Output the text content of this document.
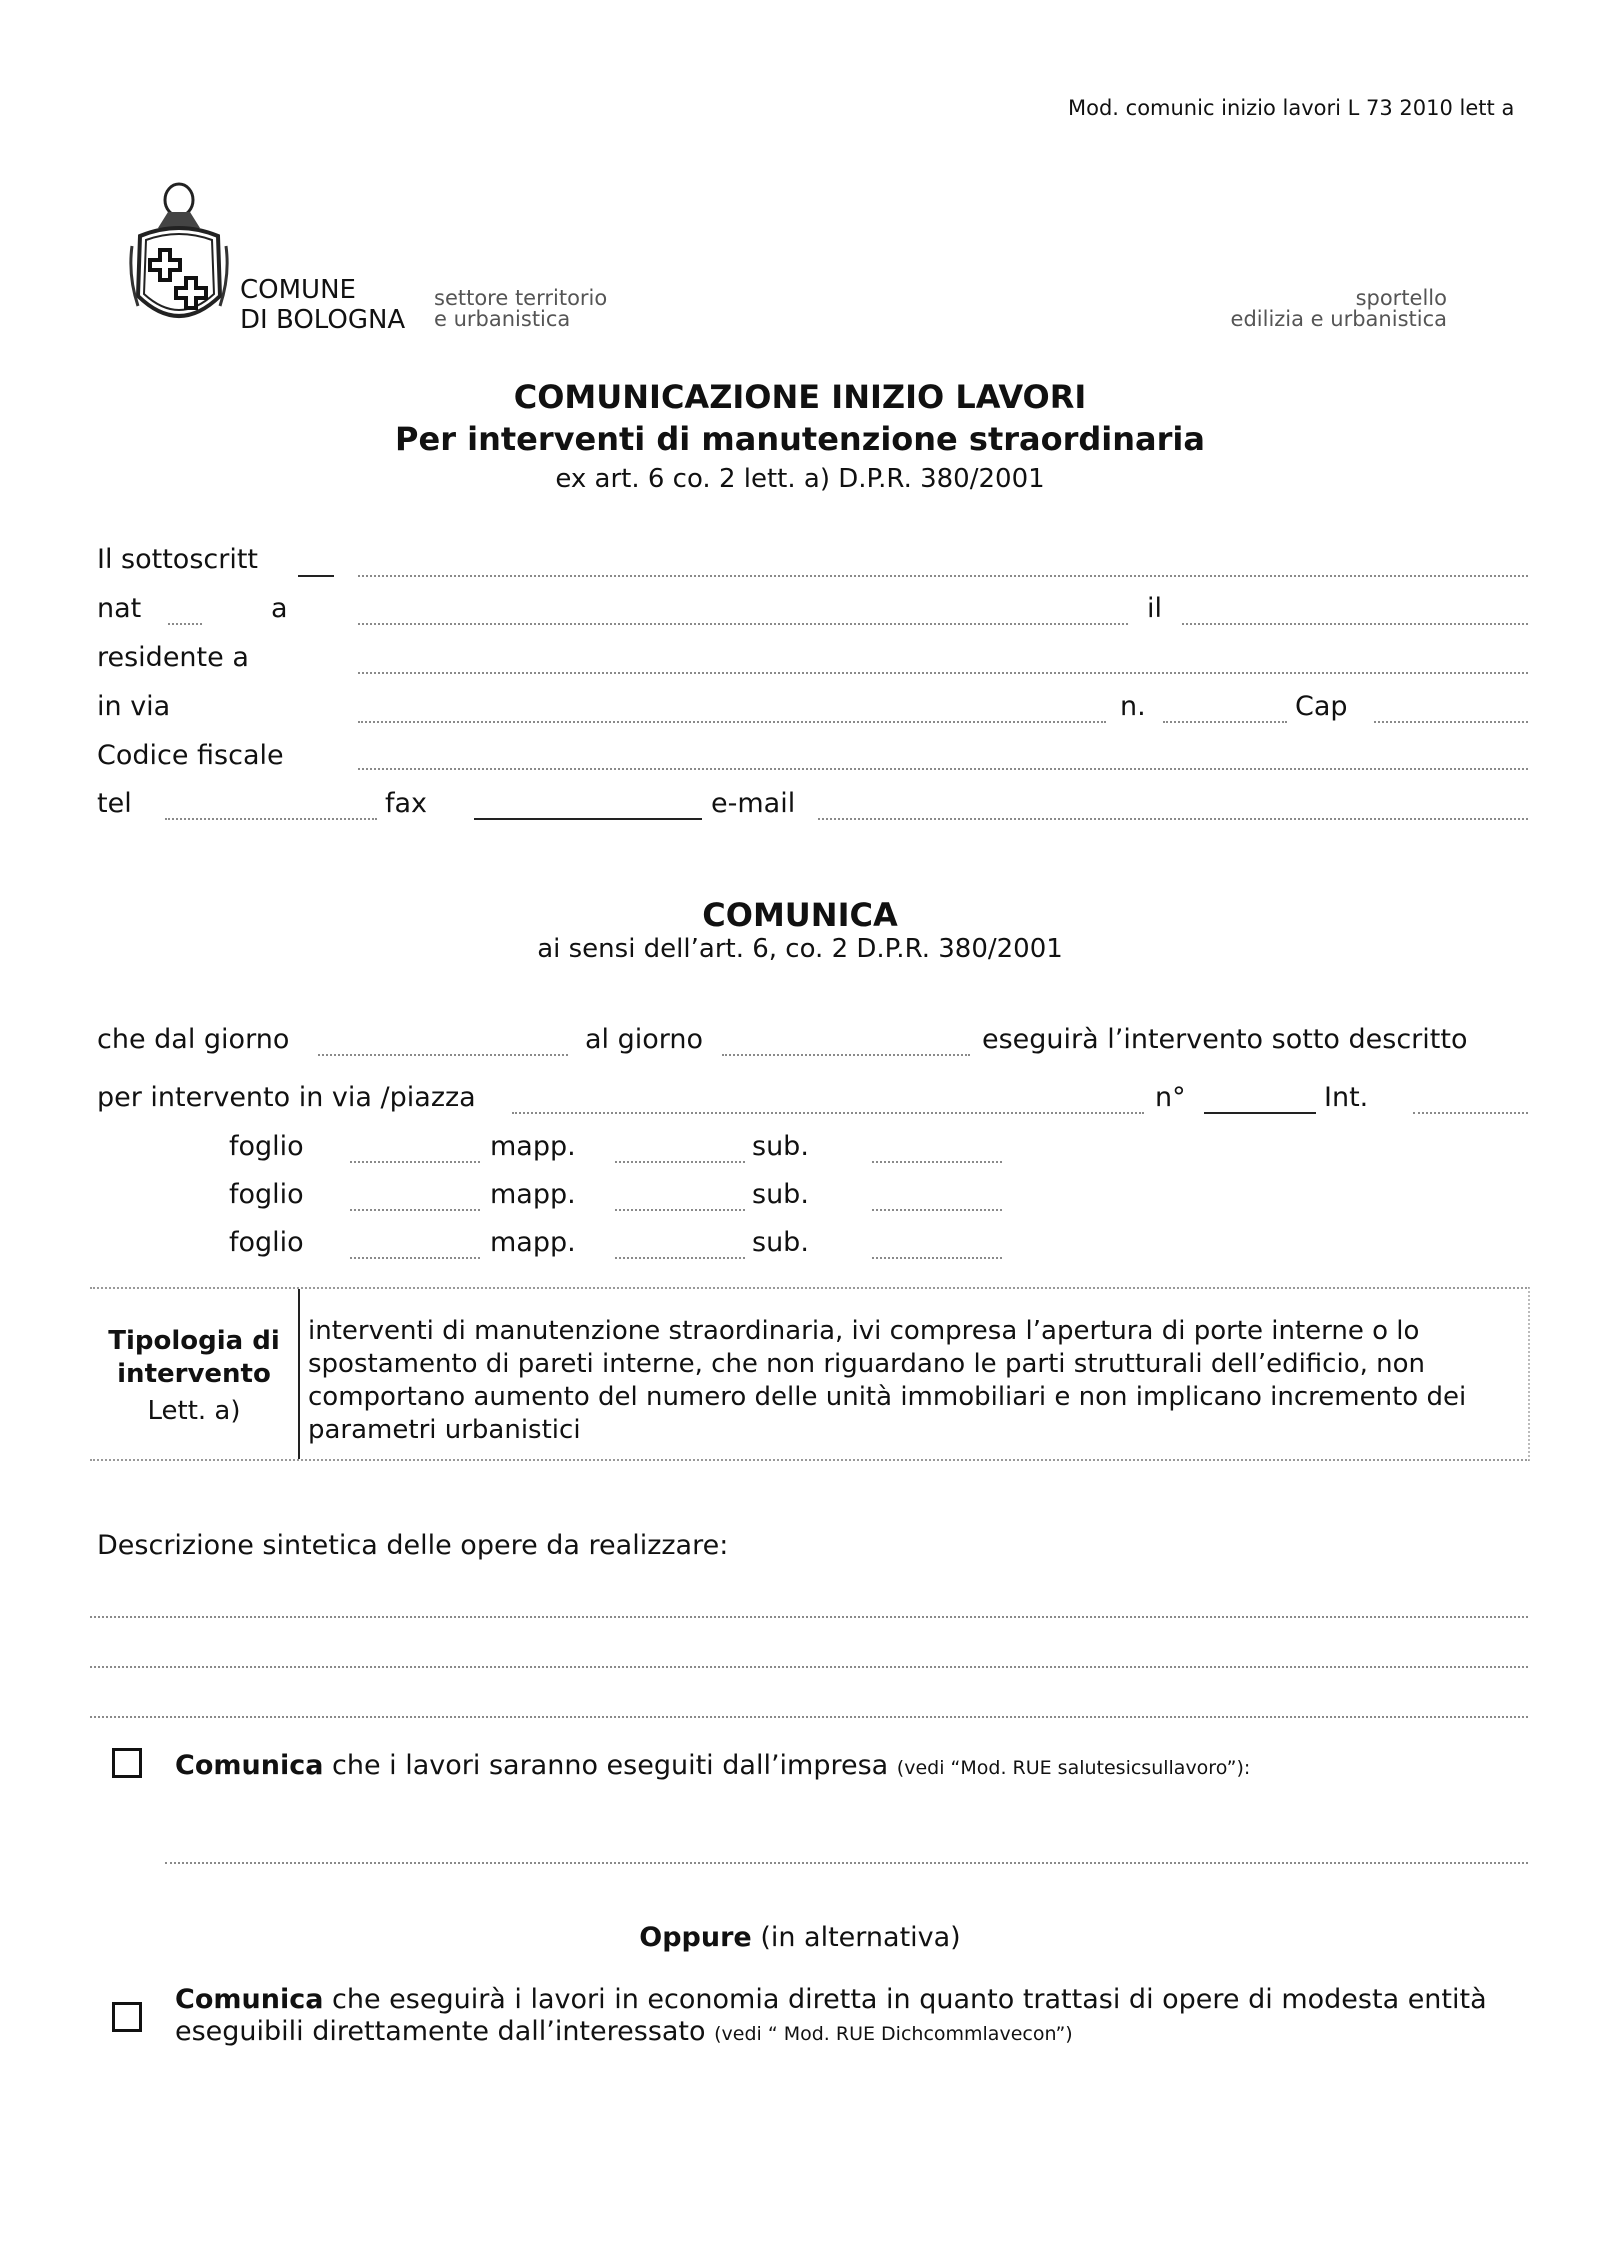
Mod. comunic inizio lavori L 73 2010 lett a
COMUNE
DI BOLOGNA
settore territorio
e urbanistica
sportello
edilizia e urbanistica
COMUNICAZIONE INIZIO LAVORI
Per interventi di manutenzione straordinaria
ex art. 6 co. 2 lett. a) D.P.R. 380/2001
Il sottoscritt
nat	a	il
residente a
in via	n.	Cap
Codice fiscale
tel	fax	e-mail
COMUNICA
ai sensi dell’art. 6, co. 2 D.P.R. 380/2001
che dal giorno	al giorno	eseguirà l’intervento sotto descritto
per intervento in via /piazza	n°	Int.
foglio	mapp.	sub.
foglio	mapp.	sub.
foglio	mapp.	sub.
Tipologia di
intervento
Lett. a)
interventi di manutenzione straordinaria, ivi compresa l’apertura di porte interne o lo
spostamento di pareti interne, che non riguardano le parti strutturali dell’edificio, non
comportano aumento del numero delle unità immobiliari e non implicano incremento dei
parametri urbanistici
Descrizione sintetica delle opere da realizzare:
Comunica che i lavori saranno eseguiti dall’impresa (vedi “Mod. RUE salutesicsullavoro”):
Oppure (in alternativa)
Comunica che eseguirà i lavori in economia diretta in quanto trattasi di opere di modesta entità
eseguibili direttamente dall’interessato (vedi “ Mod. RUE Dichcommlavecon”)
